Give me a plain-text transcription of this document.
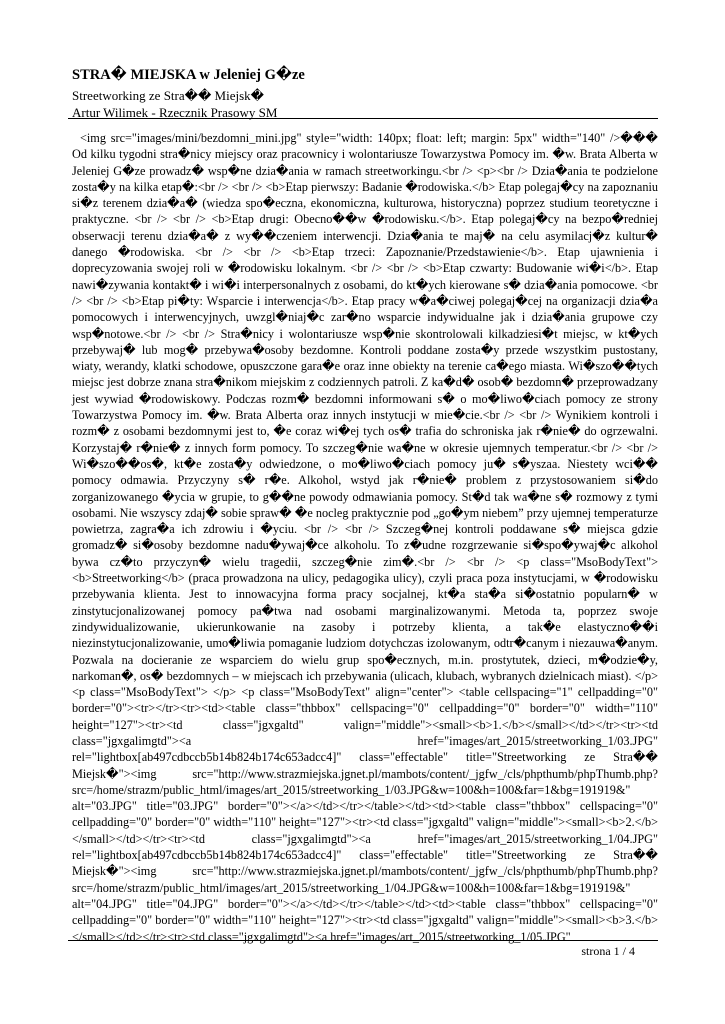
STRA� MIEJSKA w Jeleniej G�ze

Streetworking ze Stra�� Miejsk�

Artur Wilimek - Rzecznik Prasowy SM

<img src="images/mini/bezdomni_mini.jpg" style="width: 140px; float: left; margin: 5px" width="140" />��� Od kilku tygodni stra�nicy miejscy oraz pracownicy i wolontariusze Towarzystwa Pomocy im. �w. Brata Alberta w Jeleniej G�ze prowadz� wsp�ne dzia�ania w ramach streetworkingu.<br /> <p><br /> Dzia�ania te podzielone zosta�y na kilka etap�:<br /> <br /> <b>Etap pierwszy: Badanie �rodowiska.</b> Etap polegaj�cy na zapoznaniu si�z terenem dzia�a� (wiedza spo�eczna, ekonomiczna, kulturowa, historyczna) poprzez studium teoretyczne i praktyczne. <br /> <br /> <b>Etap drugi: Obecno��w �rodowisku.</b>. Etap polegaj�cy na bezpo�redniej obserwacji terenu dzia�a� z wy��czeniem interwencji. Dzia�ania te maj� na celu asymilacj�z kultur� danego �rodowiska. <br /> <br /> <b>Etap trzeci: Zapoznanie/Przedstawienie</b>. Etap ujawnienia i doprecyzowania swojej roli w �rodowisku lokalnym. <br /> <br /> <b>Etap czwarty: Budowanie wi�i</b>. Etap nawi�zywania kontakt� i wi�i interpersonalnych z osobami, do kt�ych kierowane s� dzia�ania pomocowe. <br /> <br /> <b>Etap pi�ty: Wsparcie i interwencja</b>. Etap pracy w�a�ciwej polegaj�cej na organizacji dzia�a pomocowych i interwencyjnych, uwzgl�niaj�c zar�no wsparcie indywidualne jak i dzia�ania grupowe czy wsp�notowe.<br /> <br /> Stra�nicy i wolontariusze wsp�nie skontrolowali kilkadziesi�t miejsc, w kt�ych przebywaj� lub mog� przebywa�osoby bezdomne. Kontroli poddane zosta�y przede wszystkim pustostany, wiaty, werandy, klatki schodowe, opuszczone gara�e oraz inne obiekty na terenie ca�ego miasta. Wi�szo��tych miejsc jest dobrze znana stra�nikom miejskim z codziennych patroli. Z ka�d� osob� bezdomn� przeprowadzany jest wywiad �rodowiskowy. Podczas rozm� bezdomni informowani s� o mo�liwo�ciach pomocy ze strony Towarzystwa Pomocy im. �w. Brata Alberta oraz innych instytucji w mie�cie.<br /> <br /> Wynikiem kontroli i rozm� z osobami bezdomnymi jest to, �e coraz wi�ej tych os� trafia do schroniska jak r�nie� do ogrzewalni. Korzystaj� r�nie� z innych form pomocy. To szczeg�nie wa�ne w okresie ujemnych temperatur.<br /> <br /> Wi�szo��os�, kt�e zosta�y odwiedzone, o mo�liwo�ciach pomocy ju� s�yszaa. Niestety wci�� pomocy odmawia. Przyczyny s� r�e. Alkohol, wstyd jak r�nie� problem z przystosowaniem si�do zorganizowanego �ycia w grupie, to g��ne powody odmawiania pomocy. St�d tak wa�ne s� rozmowy z tymi osobami. Nie wszyscy zdaj� sobie spraw� �e nocleg praktycznie pod „go�ym niebem” przy ujemnej temperaturze powietrza, zagra�a ich zdrowiu i �yciu. <br /> <br /> Szczeg�nej kontroli poddawane s� miejsca gdzie gromadz� si�osoby bezdomne nadu�ywaj�ce alkoholu. To z�udne rozgrzewanie si�spo�ywaj�c alkohol bywa cz�to przyczyn� wielu tragedii, szczeg�nie zim�.<br /> <br /> <p class="MsoBodyText"> <b>Streetworking</b> (praca prowadzona na ulicy, pedagogika ulicy), czyli praca poza instytucjami, w �rodowisku przebywania klienta. Jest to innowacyjna forma pracy socjalnej, kt�a sta�a si�ostatnio popularn� w zinstytucjonalizowanej pomocy pa�twa nad osobami marginalizowanymi. Metoda ta, poprzez swoje zindywidualizowanie, ukierunkowanie na zasoby i potrzeby klienta, a tak�e elastyczno��i niezinstytucjonalizowanie, umo�liwia pomaganie ludziom dotychczas izolowanym, odtr�canym i niezauwa�anym. Pozwala na docieranie ze wsparciem do wielu grup spo�ecznych, m.in. prostytutek, dzieci, m�odzie�y, narkoman�, os� bezdomnych – w miejscach ich przebywania (ulicach, klubach, wybranych dzielnicach miast). </p> <p class="MsoBodyText"> </p> <p class="MsoBodyText" align="center"> <table cellspacing="1" cellpadding="0" border="0"><tr></tr><tr><td><table class="thbbox" cellspacing="0" cellpadding="0" border="0" width="110" height="127"><tr><td class="jgxgaltd" valign="middle"><small><b>1.</b></small></td></tr><tr><td class="jgxgalimgtd"><a href="images/art_2015/streetworking_1/03.JPG" rel="lightbox[ab497cdbccb5b14b824b174c653adcc4]" class="effectable" title="Streetworking ze Stra�� Miejsk�"><img src="http://www.strazmiejska.jgnet.pl/mambots/content/_jgfw_/cls/phpthumb/phpThumb.php?src=/home/strazm/public_html/images/art_2015/streetworking_1/03.JPG&w=100&h=100&far=1&bg=191919&" alt="03.JPG" title="03.JPG" border="0"></a></td></tr></table></td><td><table class="thbbox" cellspacing="0" cellpadding="0" border="0" width="110" height="127"><tr><td class="jgxgaltd" valign="middle"><small><b>2.</b></small></td></tr><tr><td class="jgxgalimgtd"><a href="images/art_2015/streetworking_1/04.JPG" rel="lightbox[ab497cdbccb5b14b824b174c653adcc4]" class="effectable" title="Streetworking ze Stra�� Miejsk�"><img src="http://www.strazmiejska.jgnet.pl/mambots/content/_jgfw_/cls/phpthumb/phpThumb.php?src=/home/strazm/public_html/images/art_2015/streetworking_1/04.JPG&w=100&h=100&far=1&bg=191919&" alt="04.JPG" title="04.JPG" border="0"></a></td></tr></table></td><td><table class="thbbox" cellspacing="0" cellpadding="0" border="0" width="110" height="127"><tr><td class="jgxgaltd" valign="middle"><small><b>3.</b></small></td></tr><tr><td class="jgxgalimgtd"><a href="images/art_2015/streetworking_1/05.JPG"

strona 1 / 4
